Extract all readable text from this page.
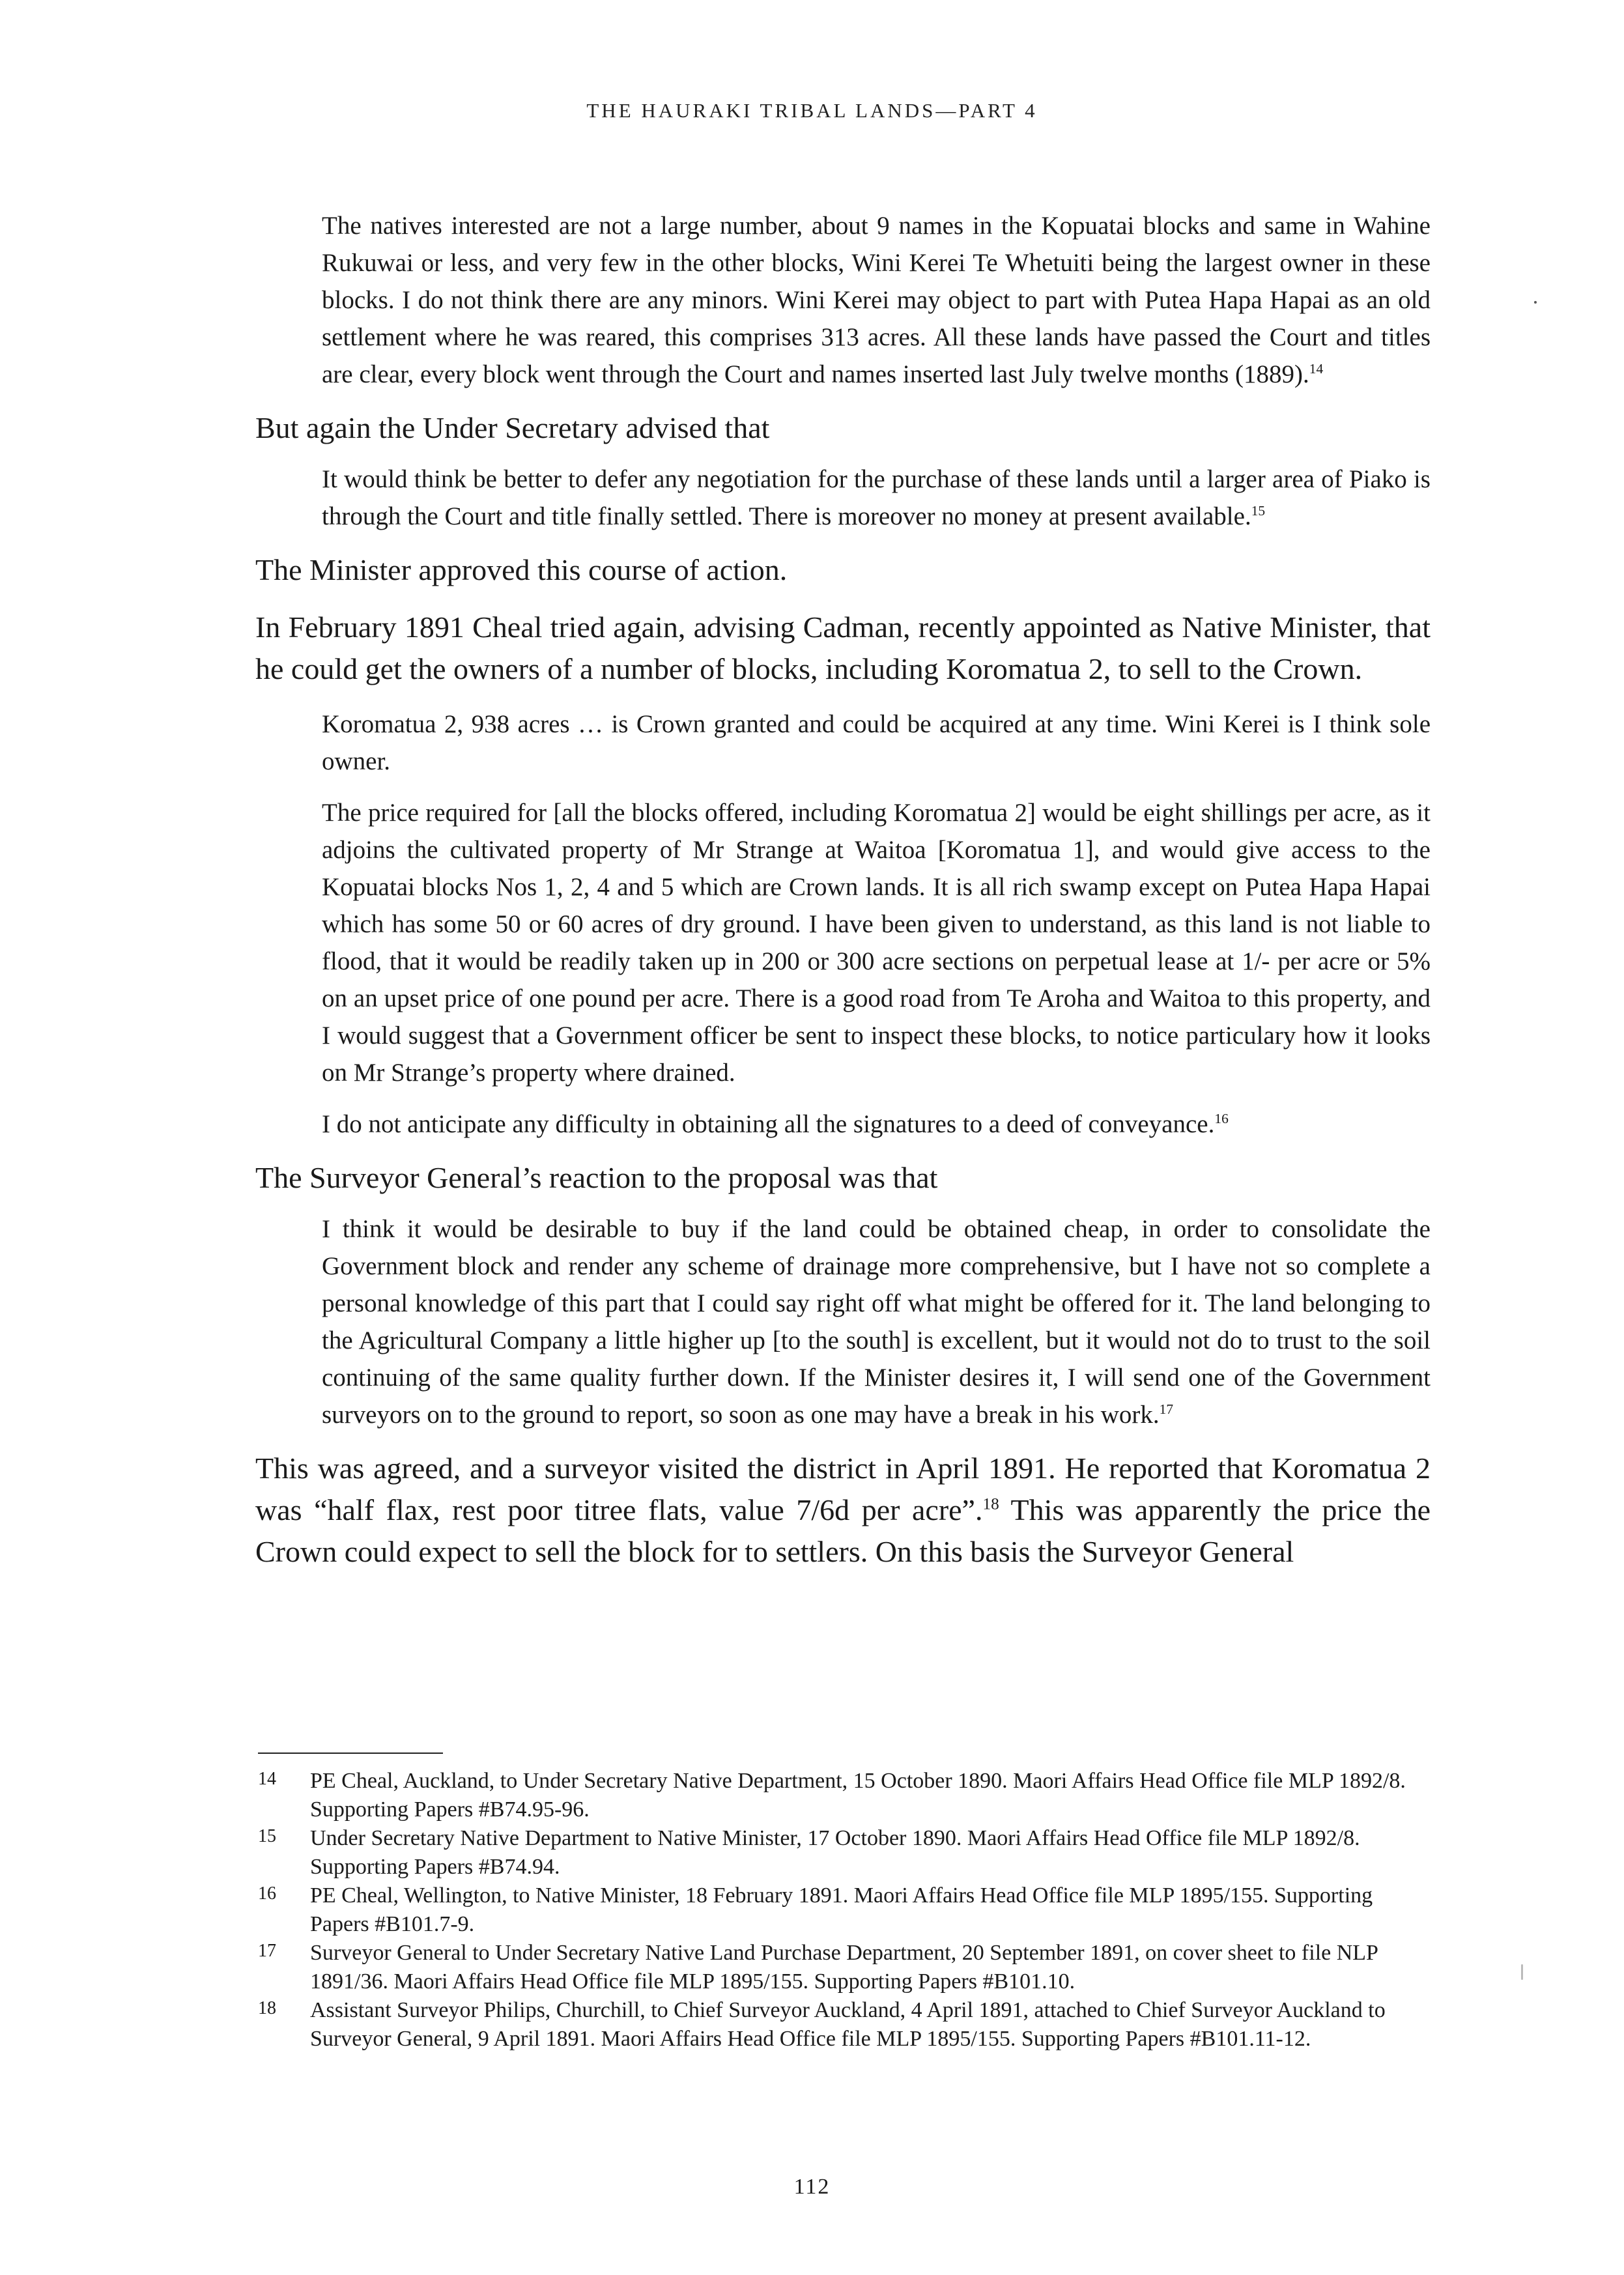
THE HAURAKI TRIBAL LANDS—PART 4

The natives interested are not a large number, about 9 names in the Kopuatai blocks and same in Wahine Rukuwai or less, and very few in the other blocks, Wini Kerei Te Whetuiti being the largest owner in these blocks. I do not think there are any minors. Wini Kerei may object to part with Putea Hapa Hapai as an old settlement where he was reared, this comprises 313 acres. All these lands have passed the Court and titles are clear, every block went through the Court and names inserted last July twelve months (1889).$^{14}$

But again the Under Secretary advised that

It would think be better to defer any negotiation for the purchase of these lands until a larger area of Piako is through the Court and title finally settled. There is moreover no money at present available.$^{15}$

The Minister approved this course of action.

In February 1891 Cheal tried again, advising Cadman, recently appointed as Native Minister, that he could get the owners of a number of blocks, including Koromatua 2, to sell to the Crown.

Koromatua 2, 938 acres … is Crown granted and could be acquired at any time. Wini Kerei is I think sole owner.

The price required for [all the blocks offered, including Koromatua 2] would be eight shillings per acre, as it adjoins the cultivated property of Mr Strange at Waitoa [Koromatua 1], and would give access to the Kopuatai blocks Nos 1, 2, 4 and 5 which are Crown lands. It is all rich swamp except on Putea Hapa Hapai which has some 50 or 60 acres of dry ground. I have been given to understand, as this land is not liable to flood, that it would be readily taken up in 200 or 300 acre sections on perpetual lease at 1/- per acre or 5% on an upset price of one pound per acre. There is a good road from Te Aroha and Waitoa to this property, and I would suggest that a Government officer be sent to inspect these blocks, to notice particulary how it looks on Mr Strange’s property where drained.

I do not anticipate any difficulty in obtaining all the signatures to a deed of conveyance.$^{16}$

The Surveyor General’s reaction to the proposal was that

I think it would be desirable to buy if the land could be obtained cheap, in order to consolidate the Government block and render any scheme of drainage more comprehensive, but I have not so complete a personal knowledge of this part that I could say right off what might be offered for it. The land belonging to the Agricultural Company a little higher up [to the south] is excellent, but it would not do to trust to the soil continuing of the same quality further down. If the Minister desires it, I will send one of the Government surveyors on to the ground to report, so soon as one may have a break in his work.$^{17}$

This was agreed, and a surveyor visited the district in April 1891. He reported that Koromatua 2 was “half flax, rest poor titree flats, value 7/6d per acre”.$^{18}$ This was apparently the price the Crown could expect to sell the block for to settlers. On this basis the Surveyor General

14	PE Cheal, Auckland, to Under Secretary Native Department, 15 October 1890. Maori Affairs Head Office file MLP 1892/8. Supporting Papers #B74.95-96.
15	Under Secretary Native Department to Native Minister, 17 October 1890. Maori Affairs Head Office file MLP 1892/8. Supporting Papers #B74.94.
16	PE Cheal, Wellington, to Native Minister, 18 February 1891. Maori Affairs Head Office file MLP 1895/155. Supporting Papers #B101.7-9.
17	Surveyor General to Under Secretary Native Land Purchase Department, 20 September 1891, on cover sheet to file NLP 1891/36. Maori Affairs Head Office file MLP 1895/155. Supporting Papers #B101.10.
18	Assistant Surveyor Philips, Churchill, to Chief Surveyor Auckland, 4 April 1891, attached to Chief Surveyor Auckland to Surveyor General, 9 April 1891. Maori Affairs Head Office file MLP 1895/155. Supporting Papers #B101.11-12.
112
